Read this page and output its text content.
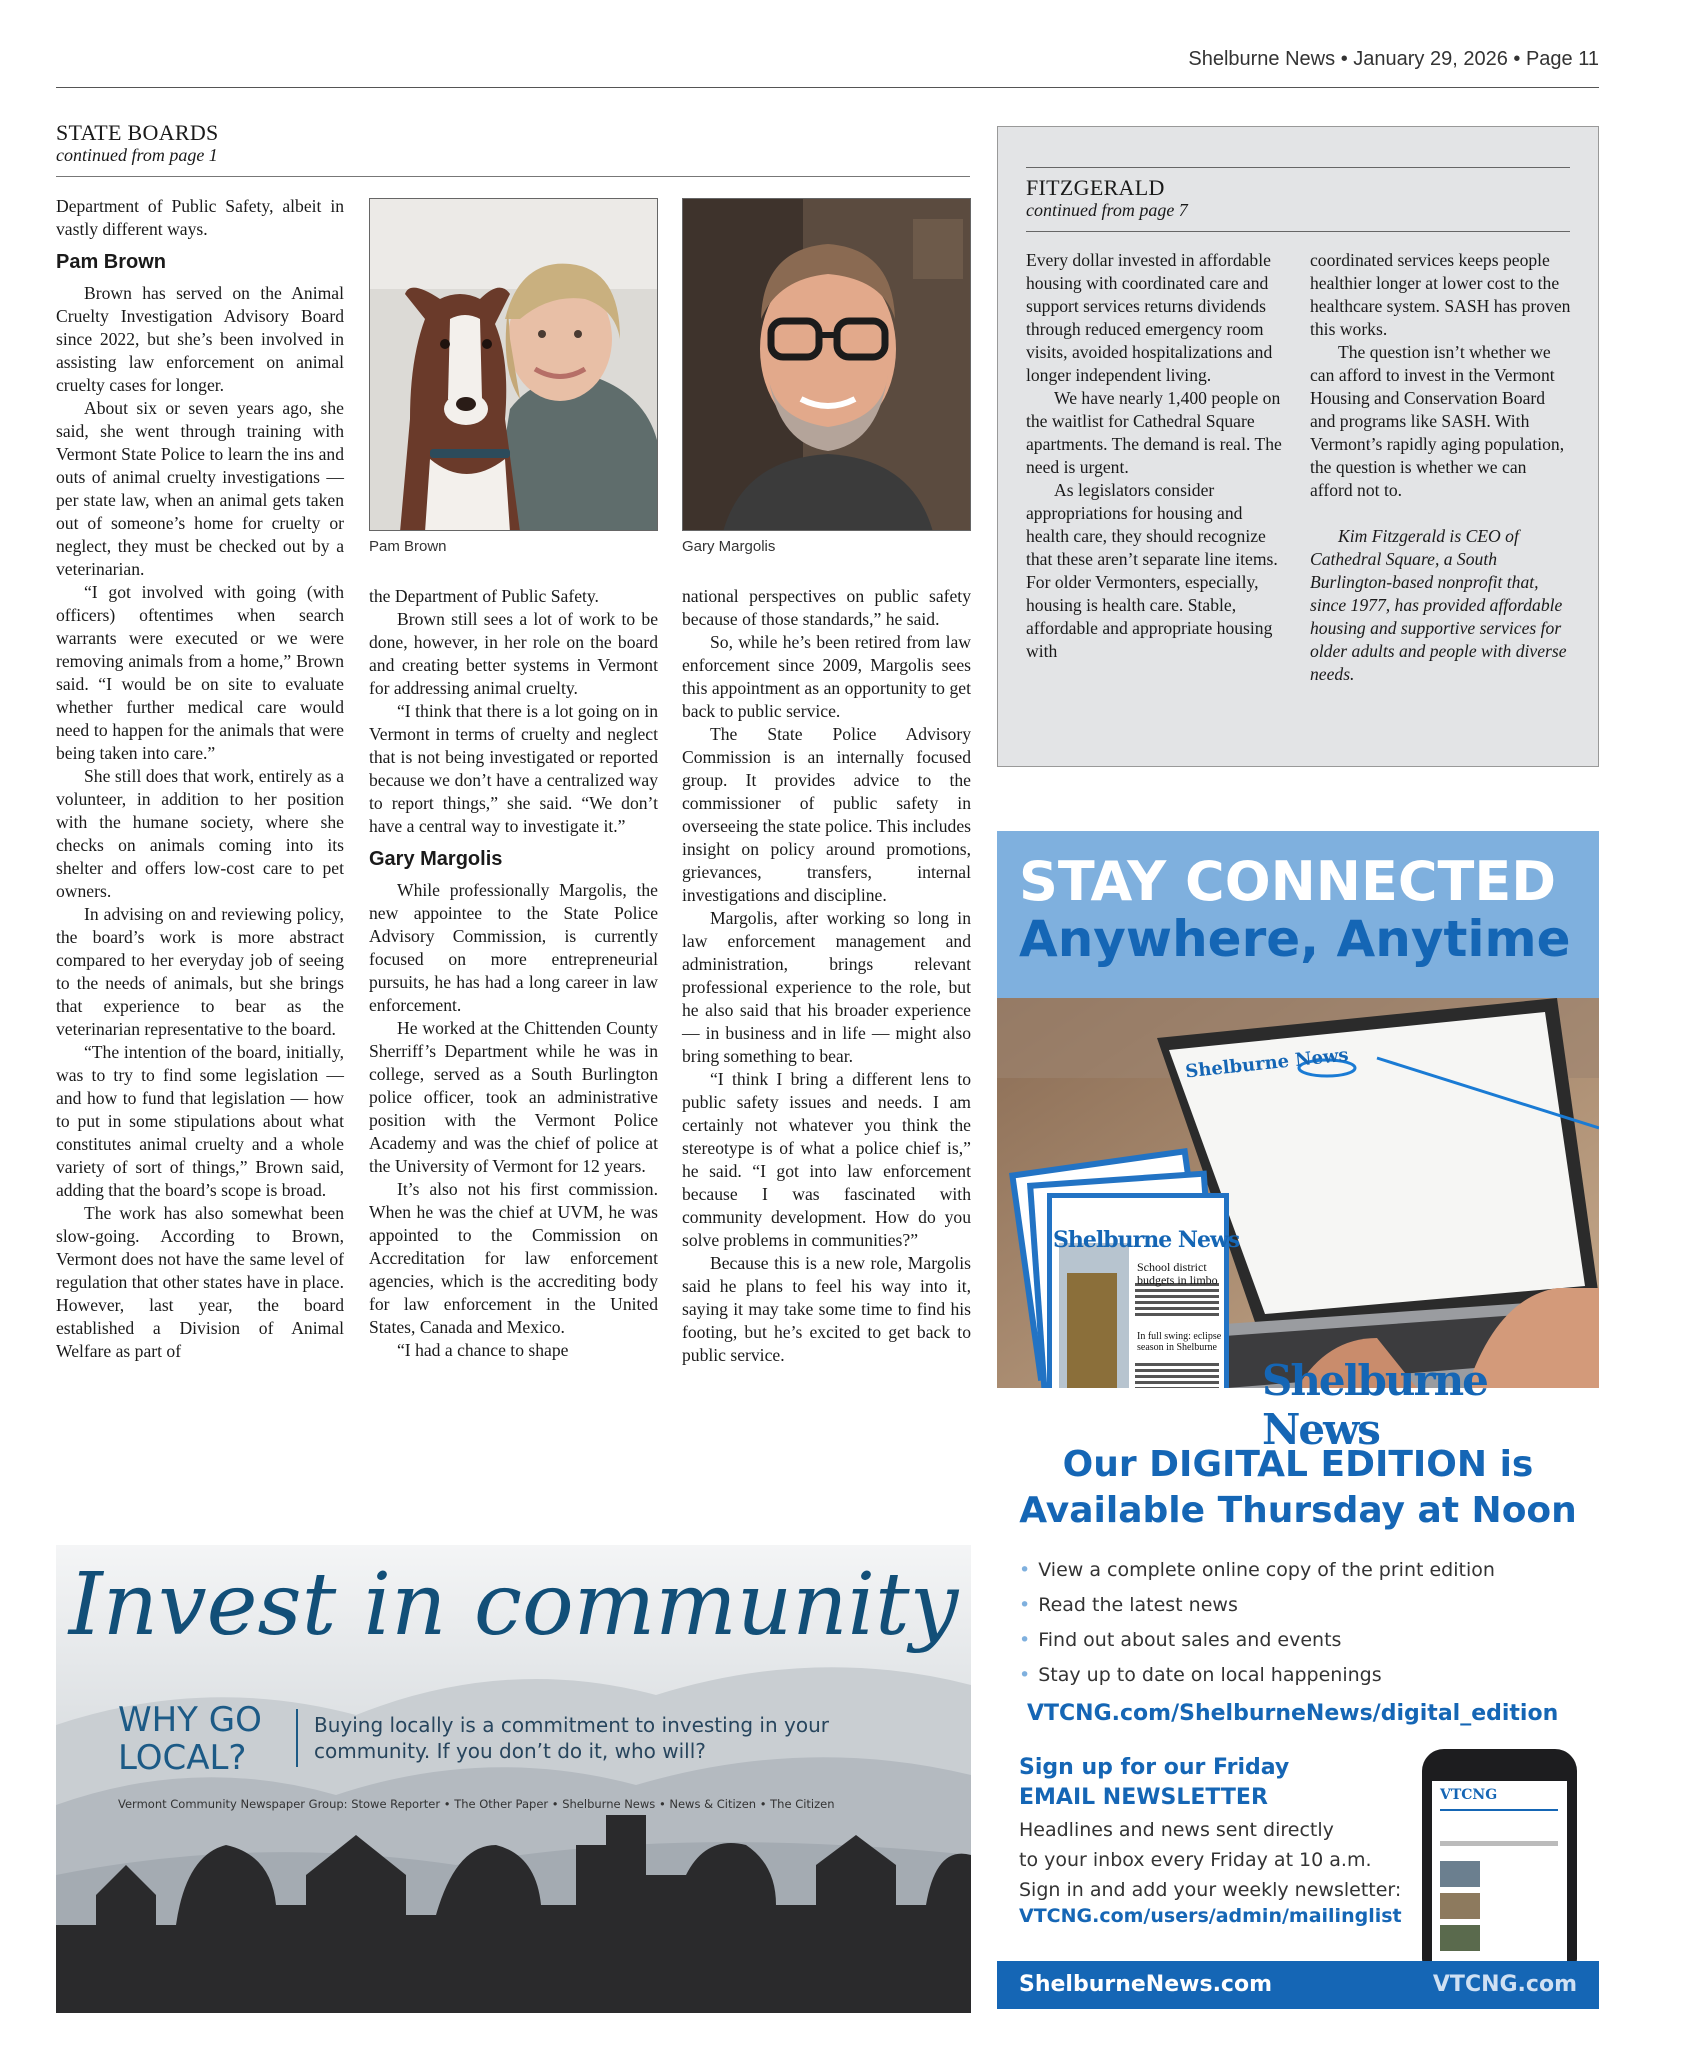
Shelburne News • January 29, 2026 • Page 11
STATE BOARDS
continued from page 1

Department of Public Safety, albeit in vastly different ways.

Pam Brown

Brown has served on the Animal Cruelty Investigation Advisory Board since 2022, but she’s been involved in assisting law enforcement on animal cruelty cases for longer.

About six or seven years ago, she said, she went through training with Vermont State Police to learn the ins and outs of animal cruelty investigations — per state law, when an animal gets taken out of someone’s home for cruelty or neglect, they must be checked out by a veterinarian.

“I got involved with going (with officers) oftentimes when search warrants were executed or we were removing animals from a home,” Brown said. “I would be on site to evaluate whether further medical care would need to happen for the animals that were being taken into care.”

She still does that work, entirely as a volunteer, in addition to her position with the humane society, where she checks on animals coming into its shelter and offers low-cost care to pet owners.

In advising on and reviewing policy, the board’s work is more abstract compared to her everyday job of seeing to the needs of animals, but she brings that experience to bear as the veterinarian representative to the board.

“The intention of the board, initially, was to try to find some legislation — and how to fund that legislation — how to put in some stipulations about what constitutes animal cruelty and a whole variety of sort of things,” Brown said, adding that the board’s scope is broad.

The work has also somewhat been slow-going. According to Brown, Vermont does not have the same level of regulation that other states have in place. However, last year, the board established a Division of Animal Welfare as part of

Pam Brown	Gary Margolis

the Department of Public Safety.

Brown still sees a lot of work to be done, however, in her role on the board and creating better systems in Vermont for addressing animal cruelty.

“I think that there is a lot going on in Vermont in terms of cruelty and neglect that is not being investigated or reported because we don’t have a centralized way to report things,” she said. “We don’t have a central way to investigate it.”

Gary Margolis

While professionally Margolis, the new appointee to the State Police Advisory Commission, is currently focused on more entrepreneurial pursuits, he has had a long career in law enforcement.

He worked at the Chittenden County Sherriff’s Department while he was in college, served as a South Burlington police officer, took an administrative position with the Vermont Police Academy and was the chief of police at the University of Vermont for 12 years.

It’s also not his first commission. When he was the chief at UVM, he was appointed to the Commission on Accreditation for law enforcement agencies, which is the accrediting body for law enforcement in the United States, Canada and Mexico.

“I had a chance to shape

national perspectives on public safety because of those standards,” he said.

So, while he’s been retired from law enforcement since 2009, Margolis sees this appointment as an opportunity to get back to public service.

The State Police Advisory Commission is an internally focused group. It provides advice to the commissioner of public safety in overseeing the state police. This includes insight on policy around promotions, grievances, transfers, internal investigations and discipline.

Margolis, after working so long in law enforcement management and administration, brings relevant professional experience to the role, but he also said that his broader experience — in business and in life — might also bring something to bear.

“I think I bring a different lens to public safety issues and needs. I am certainly not whatever you think the stereotype is of what a police chief is,” he said. “I got into law enforcement because I was fascinated with community development. How do you solve problems in communities?”

Because this is a new role, Margolis said he plans to feel his way into it, saying it may take some time to find his footing, but he’s excited to get back to public service.

FITZGERALD
continued from page 7

Every dollar invested in affordable housing with coordinated care and support services returns dividends through reduced emergency room visits, avoided hospitalizations and longer independent living.

We have nearly 1,400 people on the waitlist for Cathedral Square apartments. The demand is real. The need is urgent.

As legislators consider appropriations for housing and health care, they should recognize that these aren’t separate line items. For older Vermonters, especially, housing is health care. Stable, affordable and appropriate housing with

coordinated services keeps people healthier longer at lower cost to the healthcare system. SASH has proven this works.

The question isn’t whether we can afford to invest in the Vermont Housing and Conservation Board and programs like SASH. With Vermont’s rapidly aging population, the question is whether we can afford not to.

Kim Fitzgerald is CEO of Cathedral Square, a South Burlington-based nonprofit that, since 1977, has provided affordable housing and supportive services for older adults and people with diverse needs.

STAY CONNECTED
Anywhere, Anytime
Shelburne News
Shelburne News
School district budgets in limbo
In full swing: eclipse season in Shelburne
Shelburne News
Our DIGITAL EDITION is
Available Thursday at Noon
• View a complete online copy of the print edition
• Read the latest news
• Find out about sales and events
• Stay up to date on local happenings
VTCNG.com/ShelburneNews/digital_edition
Sign up for our Friday
EMAIL NEWSLETTER
Headlines and news sent directly
to your inbox every Friday at 10 a.m.
Sign in and add your weekly newsletter:
VTCNG.com/users/admin/mailinglist
VTCNG
ShelburneNews.com	VTCNG.com
Invest in community
WHY GO
LOCAL?
Buying locally is a commitment to investing in your
community. If you don’t do it, who will?
Vermont Community Newspaper Group: Stowe Reporter • The Other Paper • Shelburne News • News & Citizen • The Citizen
